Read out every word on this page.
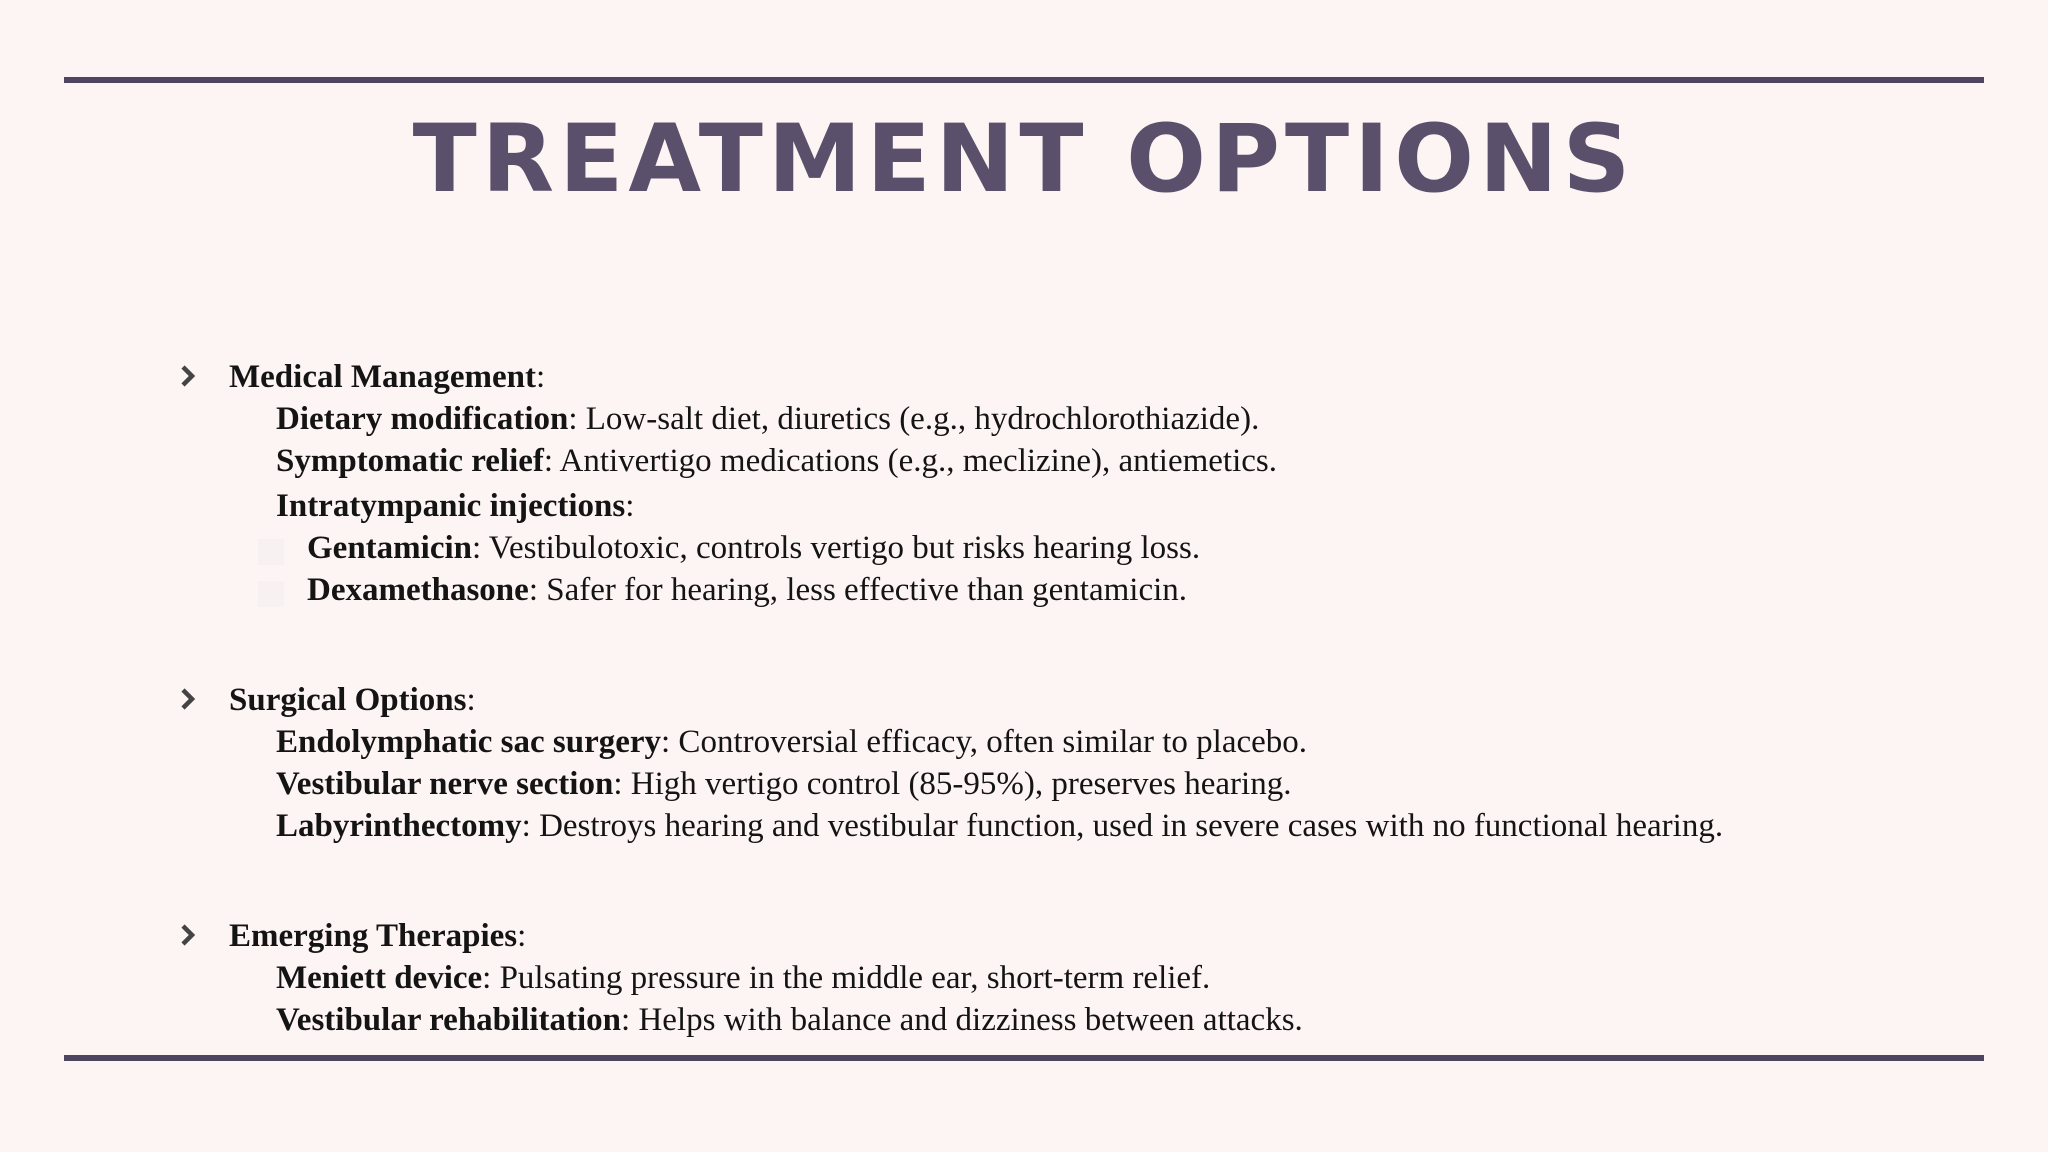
TREATMENT OPTIONS
Medical Management:
Dietary modification: Low-salt diet, diuretics (e.g., hydrochlorothiazide).
Symptomatic relief: Antivertigo medications (e.g., meclizine), antiemetics.
Intratympanic injections:
Gentamicin: Vestibulotoxic, controls vertigo but risks hearing loss.
Dexamethasone: Safer for hearing, less effective than gentamicin.
Surgical Options:
Endolymphatic sac surgery: Controversial efficacy, often similar to placebo.
Vestibular nerve section: High vertigo control (85-95%), preserves hearing.
Labyrinthectomy: Destroys hearing and vestibular function, used in severe cases with no functional hearing.
Emerging Therapies:
Meniett device: Pulsating pressure in the middle ear, short-term relief.
Vestibular rehabilitation: Helps with balance and dizziness between attacks.
